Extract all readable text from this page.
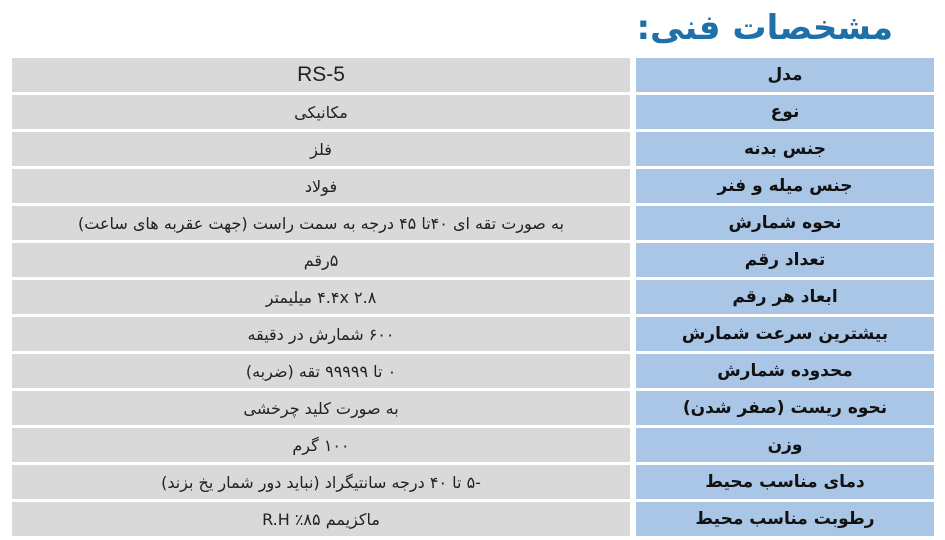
مشخصات فنی:
RS-5	مدل
مکانیکی	نوع
فلز	جنس بدنه
فولاد	جنس میله و فنر
به صورت تقه ای ۴۰تا ۴۵ درجه به سمت راست (جهت عقربه های ساعت)	نحوه شمارش
۵رقم	تعداد رقم
۴.۴x ۲.۸ میلیمتر	ابعاد هر رقم
۶۰۰ شمارش در دقیقه	بیشترین سرعت شمارش
۰ تا ۹۹۹۹۹ تقه (ضربه)	محدوده شمارش
به صورت کلید چرخشی	نحوه ریست (صفر شدن)
۱۰۰ گرم	وزن
-۵ تا ۴۰ درجه سانتیگراد (نباید دور شمار یخ بزند)	دمای مناسب محیط
ماکزیمم ۸۵٪ R.H	رطوبت مناسب محیط
